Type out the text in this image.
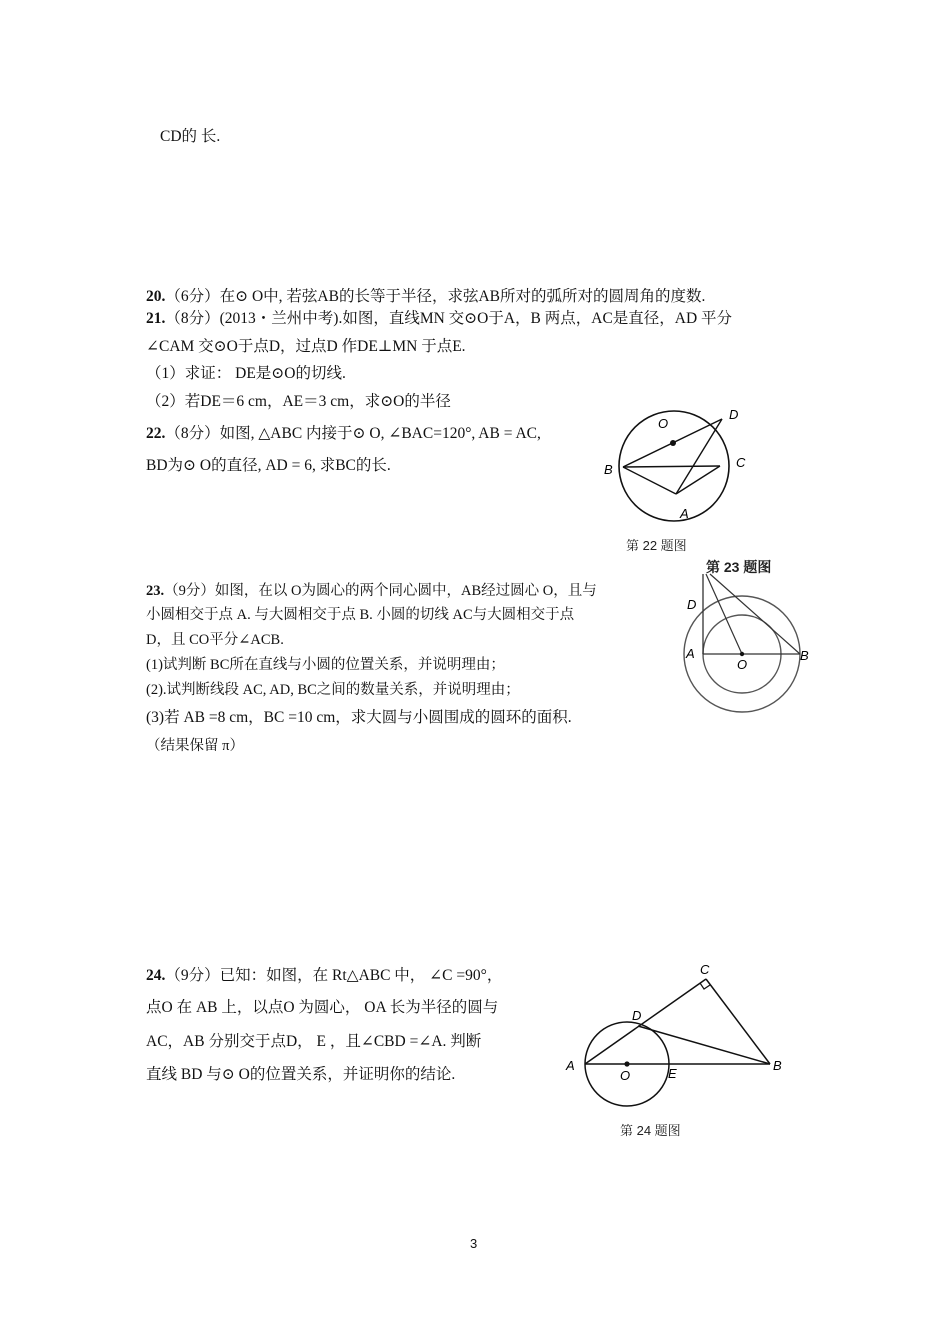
CD的 长.
20.（6分）在⊙ O中, 若弦AB的长等于半径，求弦AB所对的弧所对的圆周角的度数.
21.（8分）(2013・兰州中考).如图，直线MN 交⊙O于A，B 两点，AC是直径，AD 平分
∠CAM 交⊙O于点D，过点D 作DE⊥MN 于点E.
（1）求证： DE是⊙O的切线.
（2）若DE＝6 cm，AE＝3 cm，求⊙O的半径
22.（8分）如图, △ABC 内接于⊙ O, ∠BAC=120°, AB = AC,
BD为⊙ O的直径, AD = 6, 求BC的长.
O
D
B	C
A
第 22 题图
第 23 题图
23.（9分）如图，在以 O为圆心的两个同心圆中，AB经过圆心 O，且与
小圆相交于点 A. 与大圆相交于点 B. 小圆的切线 AC与大圆相交于点
D，且 CO平分∠ACB.
(1)试判断 BC所在直线与小圆的位置关系，并说明理由；
(2).试判断线段 AC, AD, BC之间的数量关系，并说明理由；
(3)若 AB =8 cm，BC =10 cm，求大圆与小圆围成的圆环的面积.
（结果保留 π）
D
A
O
B
24.（9分）已知：如图，在 Rt△ABC 中， ∠C =90°，
点O 在 AB 上，以点O 为圆心， OA 长为半径的圆与
AC，AB 分别交于点D， E ，且∠CBD =∠A. 判断
直线 BD 与⊙ O的位置关系，并证明你的结论.
C
D
A
O	E
B
第 24 题图
3
